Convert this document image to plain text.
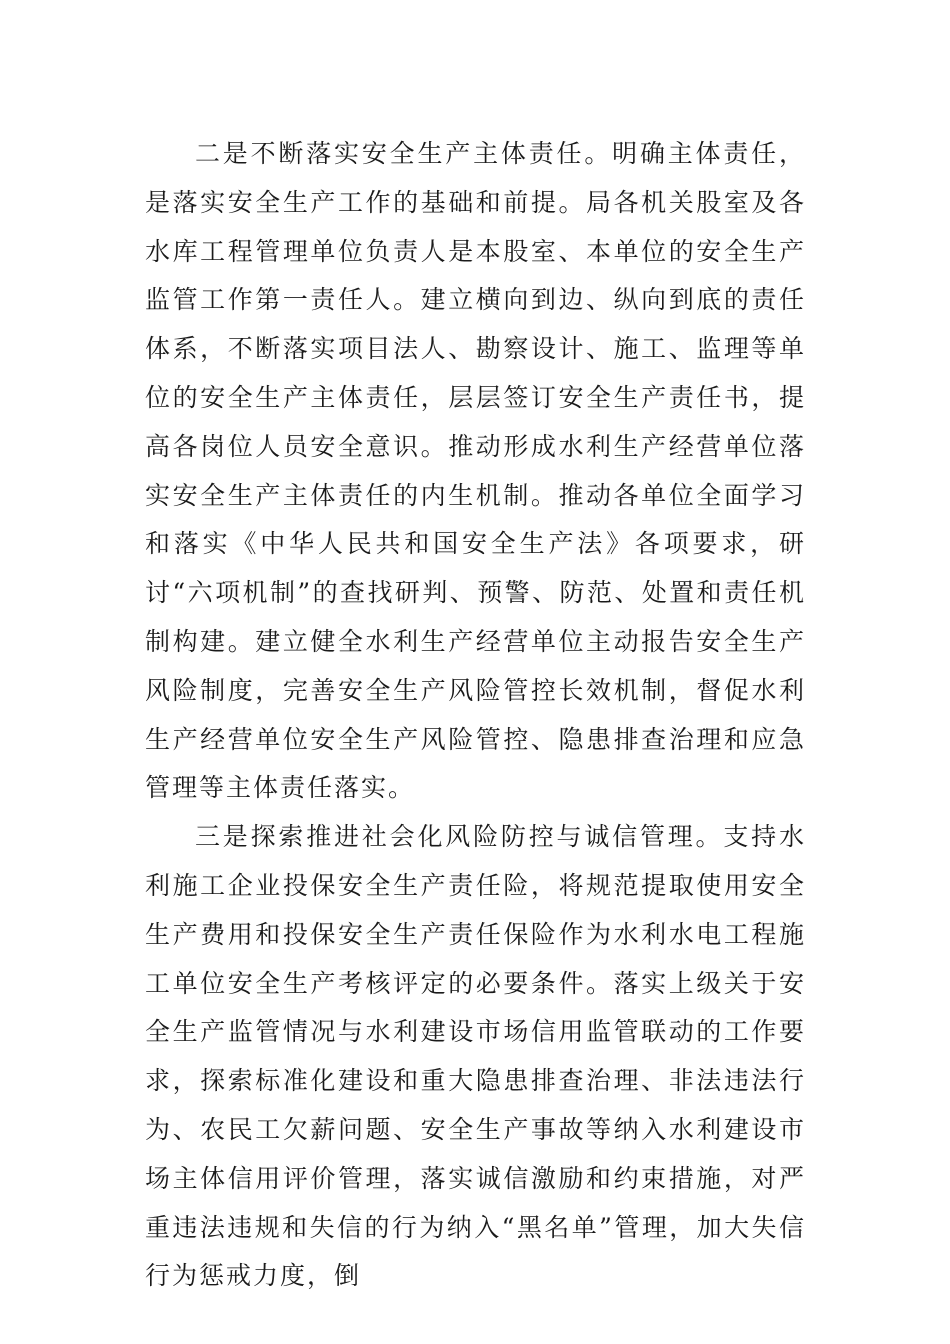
二是不断落实安全生产主体责任。明确主体责任，是落实安全生产工作的基础和前提。局各机关股室及各水库工程管理单位负责人是本股室、本单位的安全生产监管工作第一责任人。建立横向到边、纵向到底的责任体系，不断落实项目法人、勘察设计、施工、监理等单位的安全生产主体责任，层层签订安全生产责任书，提高各岗位人员安全意识。推动形成水利生产经营单位落实安全生产主体责任的内生机制。推动各单位全面学习和落实《中华人民共和国安全生产法》各项要求，研讨“六项机制”的查找研判、预警、防范、处置和责任机制构建。建立健全水利生产经营单位主动报告安全生产风险制度，完善安全生产风险管控长效机制，督促水利生产经营单位安全生产风险管控、隐患排查治理和应急管理等主体责任落实。

三是探索推进社会化风险防控与诚信管理。支持水利施工企业投保安全生产责任险，将规范提取使用安全生产费用和投保安全生产责任保险作为水利水电工程施工单位安全生产考核评定的必要条件。落实上级关于安全生产监管情况与水利建设市场信用监管联动的工作要求，探索标准化建设和重大隐患排查治理、非法违法行为、农民工欠薪问题、安全生产事故等纳入水利建设市场主体信用评价管理，落实诚信激励和约束措施，对严重违法违规和失信的行为纳入“黑名单”管理，加大失信行为惩戒力度，倒
